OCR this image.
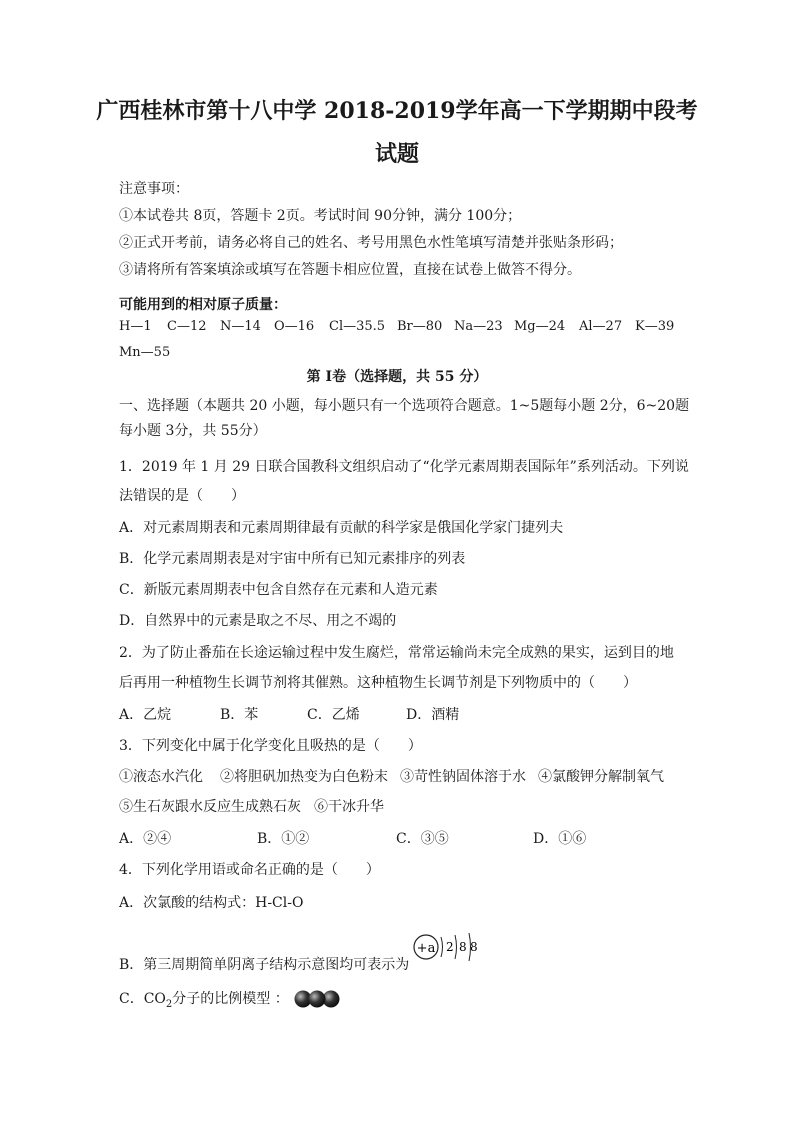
广西桂林市第十八中学 2018-2019学年高一下学期期中段考
试题
注意事项：
①本试卷共 8页，答题卡 2页。考试时间 90分钟，满分 100分；
②正式开考前，请务必将自己的姓名、考号用黑色水性笔填写清楚并张贴条形码；
③请将所有答案填涂或填写在答题卡相应位置，直接在试卷上做答不得分。
可能用到的相对原子质量：
H—1 C—12 N—14 O—16 Cl—35.5 Br—80 Na—23 Mg—24 Al—27 K—39
Mn—55
第 I卷（选择题，共 55 分）
一、选择题（本题共 20 小题，每小题只有一个选项符合题意。1~5题每小题 2分，6~20题
每小题 3分，共 55分）
1．2019 年 1 月 29 日联合国教科文组织启动了“化学元素周期表国际年”系列活动。下列说
法错误的是（　　）
A．对元素周期表和元素周期律最有贡献的科学家是俄国化学家门捷列夫
B．化学元素周期表是对宇宙中所有已知元素排序的列表
C．新版元素周期表中包含自然存在元素和人造元素
D．自然界中的元素是取之不尽、用之不竭的
2．为了防止番茄在长途运输过程中发生腐烂，常常运输尚未完全成熟的果实，运到目的地
后再用一种植物生长调节剂将其催熟。这种植物生长调节剂是下列物质中的（　　）
A．乙烷	B．苯	C．乙烯	D．酒精
3．下列变化中属于化学变化且吸热的是（　　）
①液态水汽化 ②将胆矾加热变为白色粉末 ③苛性钠固体溶于水 ④氯酸钾分解制氧气
⑤生石灰跟水反应生成熟石灰 ⑥干冰升华
A．②④	B．①②	C．③⑤	D．①⑥
4．下列化学用语或命名正确的是（　　）
A．次氯酸的结构式：H-Cl-O
B．第三周期简单阴离子结构示意图均可表示为
+a 2 8 8
C．$CO_2$分子的比例模型 ：
